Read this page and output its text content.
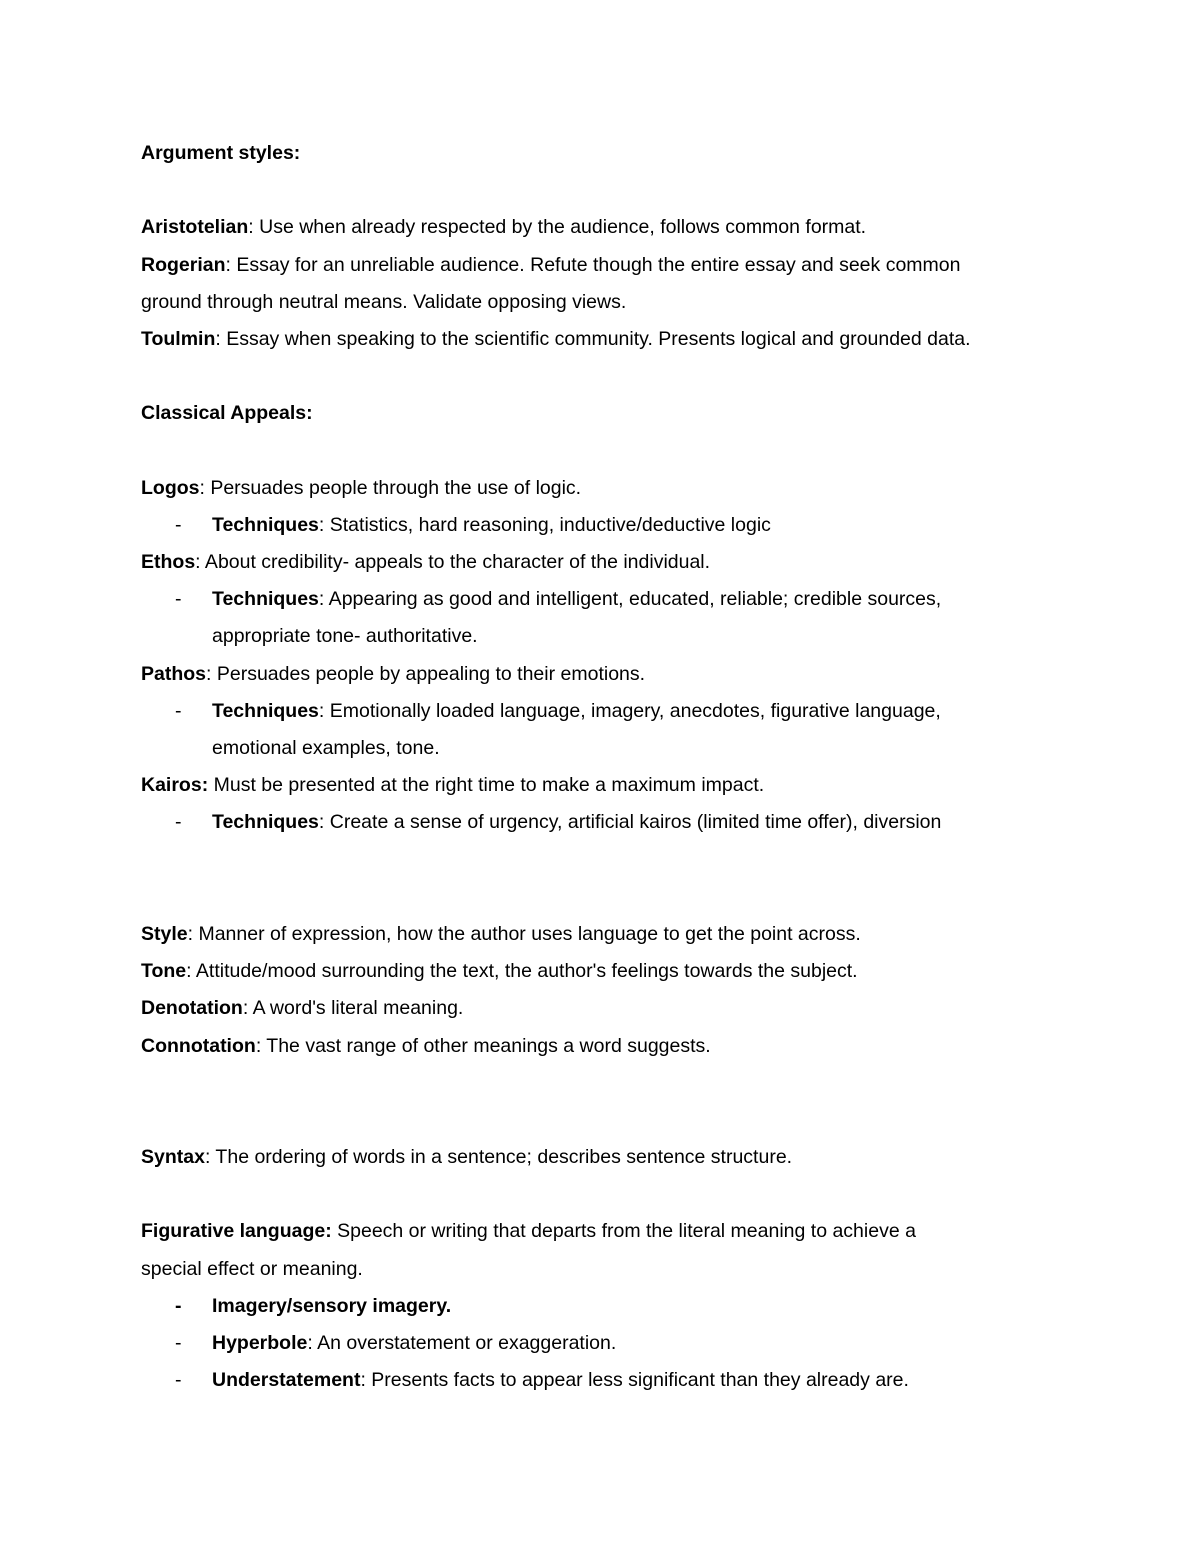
Argument styles:
Aristotelian: Use when already respected by the audience, follows common format.
Rogerian: Essay for an unreliable audience. Refute though the entire essay and seek common
ground through neutral means. Validate opposing views.
Toulmin: Essay when speaking to the scientific community. Presents logical and grounded data.
Classical Appeals:
Logos: Persuades people through the use of logic.
- Techniques: Statistics, hard reasoning, inductive/deductive logic
Ethos: About credibility- appeals to the character of the individual.
- Techniques: Appearing as good and intelligent, educated, reliable; credible sources,
appropriate tone- authoritative.
Pathos: Persuades people by appealing to their emotions.
- Techniques: Emotionally loaded language, imagery, anecdotes, figurative language,
emotional examples, tone.
Kairos: Must be presented at the right time to make a maximum impact.
- Techniques: Create a sense of urgency, artificial kairos (limited time offer), diversion
Style: Manner of expression, how the author uses language to get the point across.
Tone: Attitude/mood surrounding the text, the author's feelings towards the subject.
Denotation: A word's literal meaning.
Connotation: The vast range of other meanings a word suggests.
Syntax: The ordering of words in a sentence; describes sentence structure.
Figurative language: Speech or writing that departs from the literal meaning to achieve a
special effect or meaning.
- Imagery/sensory imagery.
- Hyperbole: An overstatement or exaggeration.
- Understatement: Presents facts to appear less significant than they already are.
